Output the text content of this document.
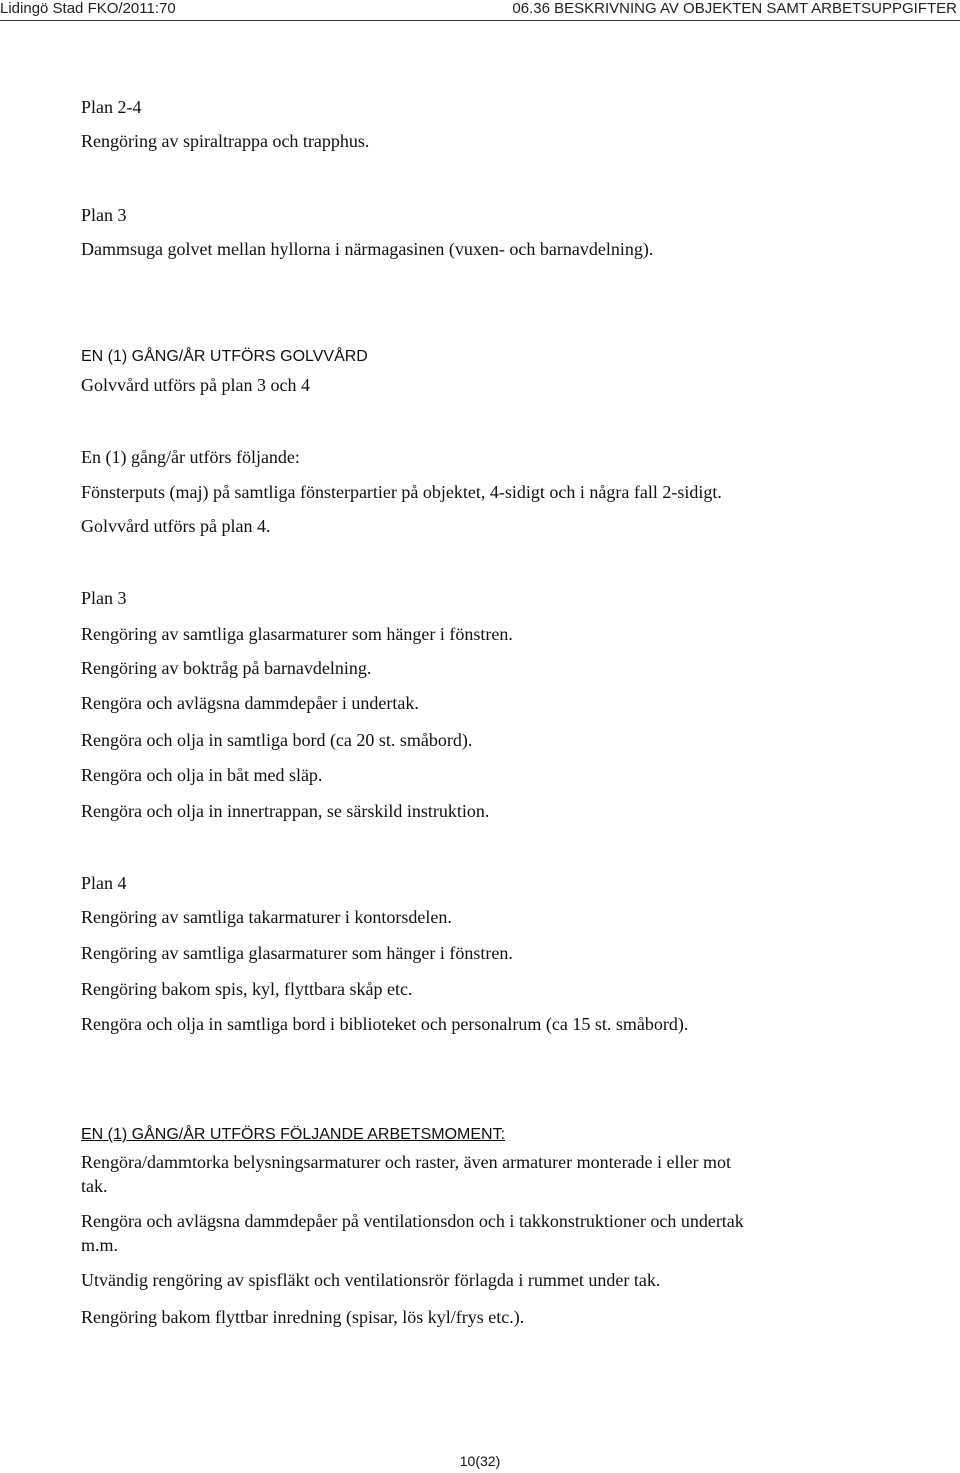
Lidingö Stad FKO/2011:70	06.36 BESKRIVNING AV OBJEKTEN SAMT ARBETSUPPGIFTER
Plan 2-4
Rengöring av spiraltrappa och trapphus.
Plan 3
Dammsuga golvet mellan hyllorna i närmagasinen (vuxen- och barnavdelning).
EN (1) GÅNG/ÅR UTFÖRS GOLVVÅRD
Golvvård utförs på plan 3 och 4
En (1) gång/år utförs följande:
Fönsterputs (maj) på samtliga fönsterpartier på objektet, 4-sidigt och i några fall 2-sidigt.
Golvvård utförs på plan 4.
Plan 3
Rengöring av samtliga glasarmaturer som hänger i fönstren.
Rengöring av boktråg på barnavdelning.
Rengöra och avlägsna dammdepåer i undertak.
Rengöra och olja in samtliga bord (ca 20 st. småbord).
Rengöra och olja in båt med släp.
Rengöra och olja in innertrappan, se särskild instruktion.
Plan 4
Rengöring av samtliga takarmaturer i kontorsdelen.
Rengöring av samtliga glasarmaturer som hänger i fönstren.
Rengöring bakom spis, kyl, flyttbara skåp etc.
Rengöra och olja in samtliga bord i biblioteket och personalrum (ca 15 st. småbord).
EN (1) GÅNG/ÅR UTFÖRS FÖLJANDE ARBETSMOMENT:
Rengöra/dammtorka belysningsarmaturer och raster, även armaturer monterade i eller mot
tak.
Rengöra och avlägsna dammdepåer på ventilationsdon och i takkonstruktioner och undertak
m.m.
Utvändig rengöring av spisfläkt och ventilationsrör förlagda i rummet under tak.
Rengöring bakom flyttbar inredning (spisar, lös kyl/frys etc.).
10(32)
